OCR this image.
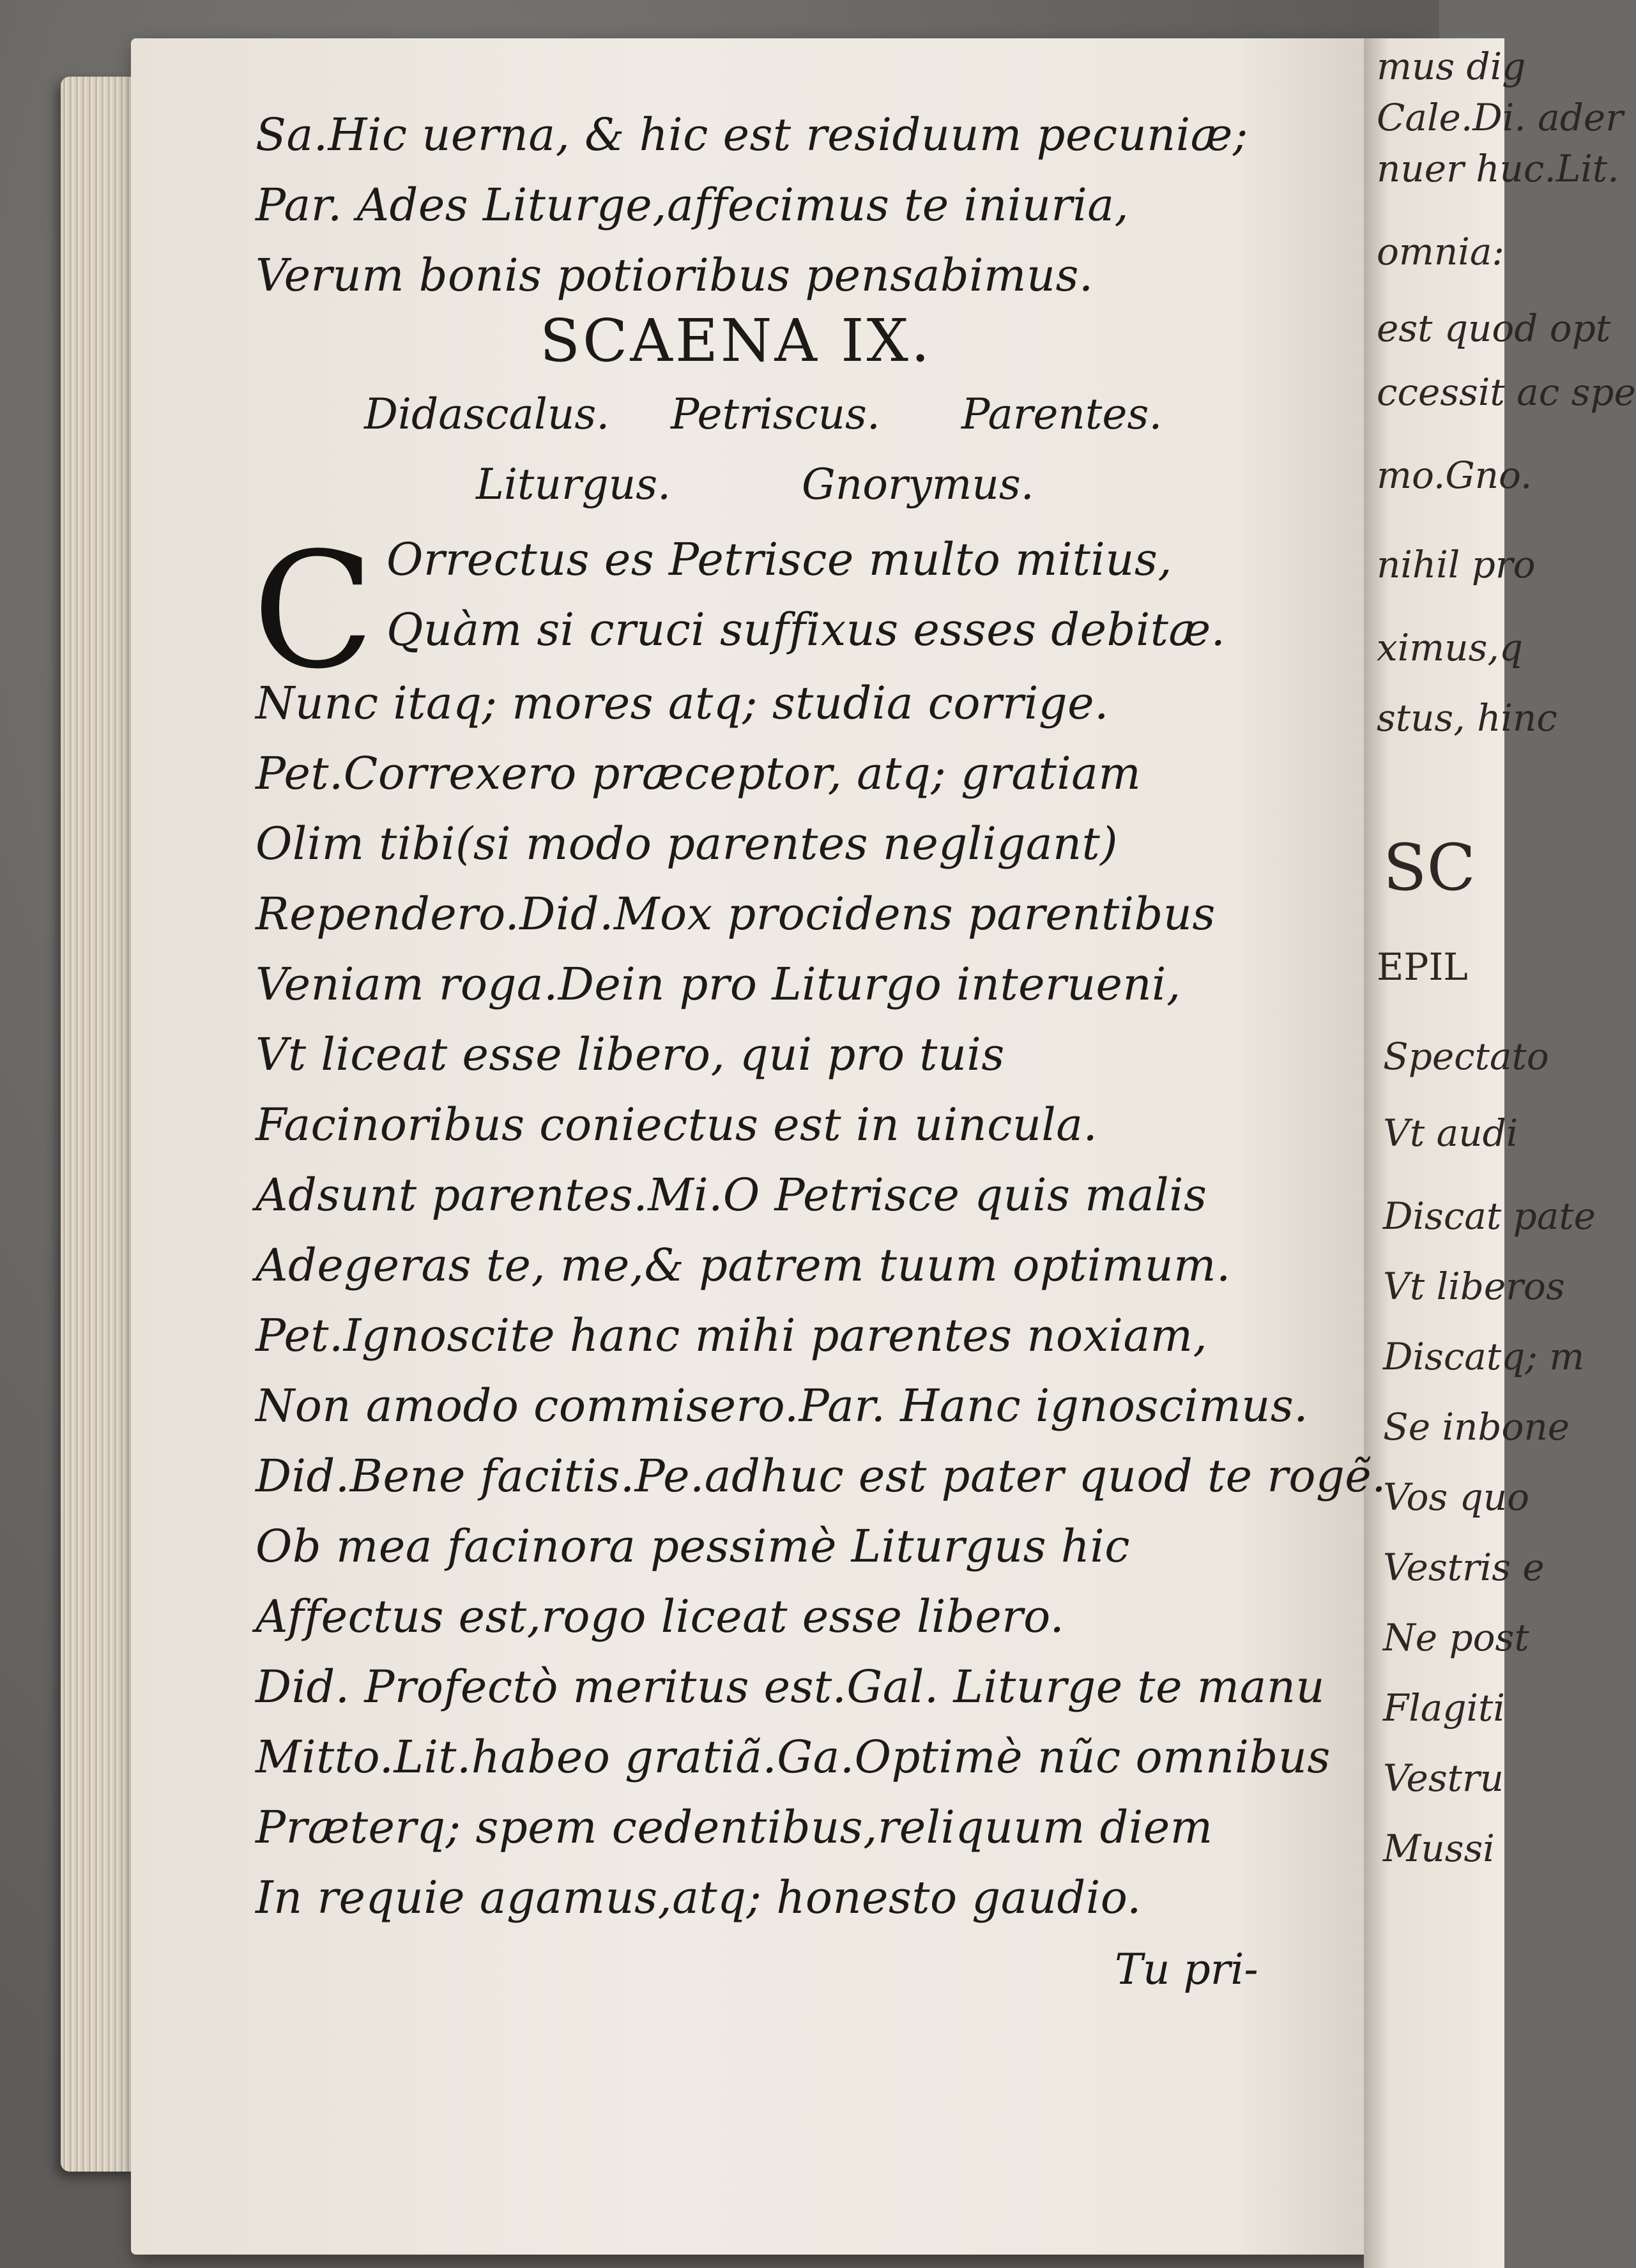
mus dig
Cale.Di. ader
nuer huc.Lit.
omnia:
est quod opt
ccessit ac spe
mo.Gno.
nihil pro
ximus,q
stus, hinc
SC
EPIL
Spectato
Vt audi
Discat pate
Vt liberos
Discatq; m
Se inbone
Vos quo
Vestris e
Ne post
Flagiti
Vestru
Mussi
Sa.Hic uerna, & hic est residuum pecuniæ;
Par. Ades Liturge,affecimus te iniuria,
Verum bonis potioribus pensabimus.
SCAENA IX.
Didascalus. Petriscus. Parentes.
Liturgus.	Gnorymus.
C Orrectus es Petrisce multo mitius,
Quàm si cruci suffixus esses debitæ.
Nunc itaq; mores atq; studia corrige.
Pet.Correxero præceptor, atq; gratiam
Olim tibi(si modo parentes negligant)
Rependero.Did.Mox procidens parentibus
Veniam roga.Dein pro Liturgo interueni,
Vt liceat esse libero, qui pro tuis
Facinoribus coniectus est in uincula.
Adsunt parentes.Mi.O Petrisce quis malis
Adegeras te, me,& patrem tuum optimum.
Pet.Ignoscite hanc mihi parentes noxiam,
Non amodo commisero.Par. Hanc ignoscimus.
Did.Bene facitis.Pe.adhuc est pater quod te rogẽ.
Ob mea facinora pessimè Liturgus hic
Affectus est,rogo liceat esse libero.
Did. Profectò meritus est.Gal. Liturge te manu
Mitto.Lit.habeo gratiã.Ga.Optimè nũc omnibus
Præterq; spem cedentibus,reliquum diem
In requie agamus,atq; honesto gaudio.
Tu pri-
